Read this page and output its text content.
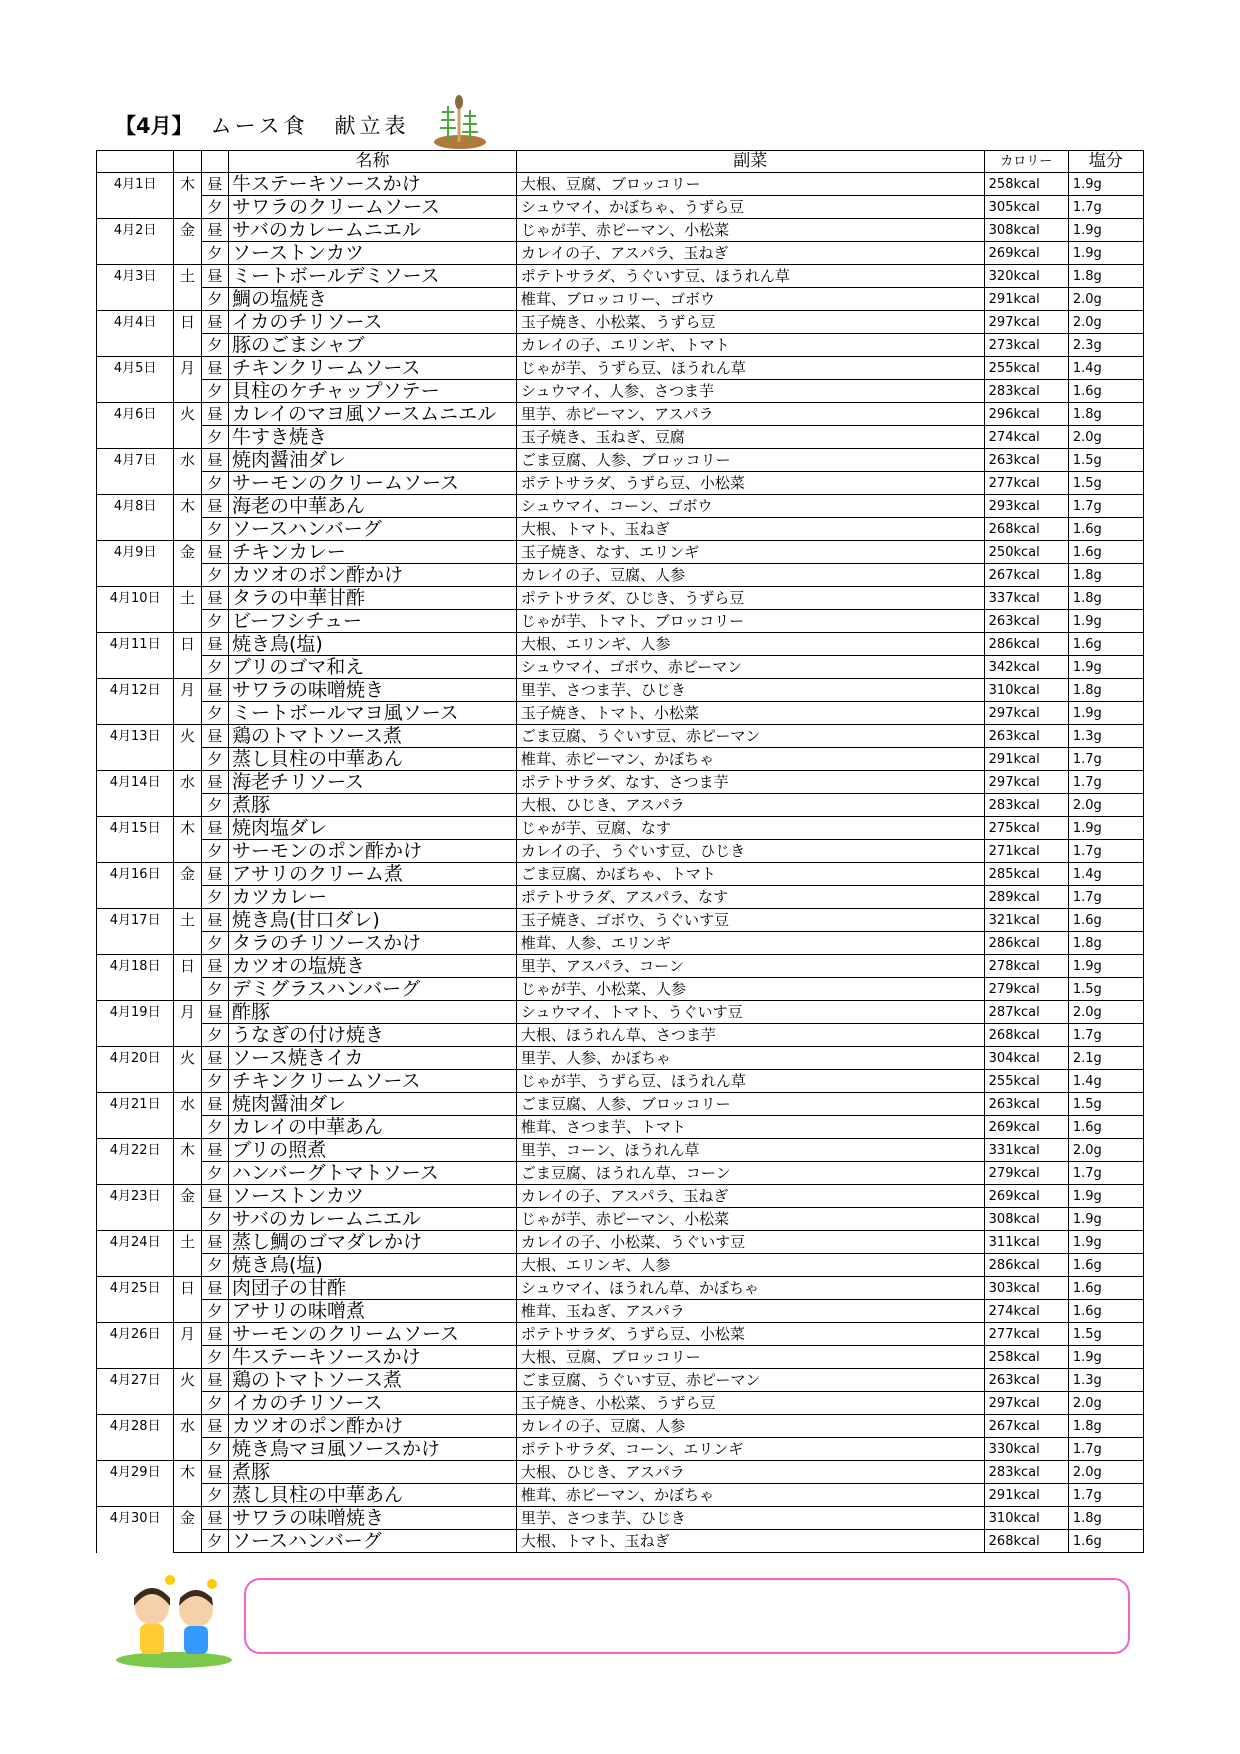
【4月】 ムース食 献立表
			名称	副菜	カロリー	塩分
4月1日	木	昼	牛ステーキソースかけ	大根、豆腐、ブロッコリー	258kcal	1.9g
		夕	サワラのクリームソース	シュウマイ、かぼちゃ、うずら豆	305kcal	1.7g
4月2日	金	昼	サバのカレームニエル	じゃが芋、赤ピーマン、小松菜	308kcal	1.9g
		夕	ソーストンカツ	カレイの子、アスパラ、玉ねぎ	269kcal	1.9g
4月3日	土	昼	ミートボールデミソース	ポテトサラダ、うぐいす豆、ほうれん草	320kcal	1.8g
		夕	鯛の塩焼き	椎茸、ブロッコリー、ゴボウ	291kcal	2.0g
4月4日	日	昼	イカのチリソース	玉子焼き、小松菜、うずら豆	297kcal	2.0g
		夕	豚のごまシャブ	カレイの子、エリンギ、トマト	273kcal	2.3g
4月5日	月	昼	チキンクリームソース	じゃが芋、うずら豆、ほうれん草	255kcal	1.4g
		夕	貝柱のケチャップソテー	シュウマイ、人参、さつま芋	283kcal	1.6g
4月6日	火	昼	カレイのマヨ風ソースムニエル	里芋、赤ピーマン、アスパラ	296kcal	1.8g
		夕	牛すき焼き	玉子焼き、玉ねぎ、豆腐	274kcal	2.0g
4月7日	水	昼	焼肉醤油ダレ	ごま豆腐、人参、ブロッコリー	263kcal	1.5g
		夕	サーモンのクリームソース	ポテトサラダ、うずら豆、小松菜	277kcal	1.5g
4月8日	木	昼	海老の中華あん	シュウマイ、コーン、ゴボウ	293kcal	1.7g
		夕	ソースハンバーグ	大根、トマト、玉ねぎ	268kcal	1.6g
4月9日	金	昼	チキンカレー	玉子焼き、なす、エリンギ	250kcal	1.6g
		夕	カツオのポン酢かけ	カレイの子、豆腐、人参	267kcal	1.8g
4月10日	土	昼	タラの中華甘酢	ポテトサラダ、ひじき、うずら豆	337kcal	1.8g
		夕	ビーフシチュー	じゃが芋、トマト、ブロッコリー	263kcal	1.9g
4月11日	日	昼	焼き鳥(塩)	大根、エリンギ、人参	286kcal	1.6g
		夕	ブリのゴマ和え	シュウマイ、ゴボウ、赤ピーマン	342kcal	1.9g
4月12日	月	昼	サワラの味噌焼き	里芋、さつま芋、ひじき	310kcal	1.8g
		夕	ミートボールマヨ風ソース	玉子焼き、トマト、小松菜	297kcal	1.9g
4月13日	火	昼	鶏のトマトソース煮	ごま豆腐、うぐいす豆、赤ピーマン	263kcal	1.3g
		夕	蒸し貝柱の中華あん	椎茸、赤ピーマン、かぼちゃ	291kcal	1.7g
4月14日	水	昼	海老チリソース	ポテトサラダ、なす、さつま芋	297kcal	1.7g
		夕	煮豚	大根、ひじき、アスパラ	283kcal	2.0g
4月15日	木	昼	焼肉塩ダレ	じゃが芋、豆腐、なす	275kcal	1.9g
		夕	サーモンのポン酢かけ	カレイの子、うぐいす豆、ひじき	271kcal	1.7g
4月16日	金	昼	アサリのクリーム煮	ごま豆腐、かぼちゃ、トマト	285kcal	1.4g
		夕	カツカレー	ポテトサラダ、アスパラ、なす	289kcal	1.7g
4月17日	土	昼	焼き鳥(甘口ダレ)	玉子焼き、ゴボウ、うぐいす豆	321kcal	1.6g
		夕	タラのチリソースかけ	椎茸、人参、エリンギ	286kcal	1.8g
4月18日	日	昼	カツオの塩焼き	里芋、アスパラ、コーン	278kcal	1.9g
		夕	デミグラスハンバーグ	じゃが芋、小松菜、人参	279kcal	1.5g
4月19日	月	昼	酢豚	シュウマイ、トマト、うぐいす豆	287kcal	2.0g
		夕	うなぎの付け焼き	大根、ほうれん草、さつま芋	268kcal	1.7g
4月20日	火	昼	ソース焼きイカ	里芋、人参、かぼちゃ	304kcal	2.1g
		夕	チキンクリームソース	じゃが芋、うずら豆、ほうれん草	255kcal	1.4g
4月21日	水	昼	焼肉醤油ダレ	ごま豆腐、人参、ブロッコリー	263kcal	1.5g
		夕	カレイの中華あん	椎茸、さつま芋、トマト	269kcal	1.6g
4月22日	木	昼	ブリの照煮	里芋、コーン、ほうれん草	331kcal	2.0g
		夕	ハンバーグトマトソース	ごま豆腐、ほうれん草、コーン	279kcal	1.7g
4月23日	金	昼	ソーストンカツ	カレイの子、アスパラ、玉ねぎ	269kcal	1.9g
		夕	サバのカレームニエル	じゃが芋、赤ピーマン、小松菜	308kcal	1.9g
4月24日	土	昼	蒸し鯛のゴマダレかけ	カレイの子、小松菜、うぐいす豆	311kcal	1.9g
		夕	焼き鳥(塩)	大根、エリンギ、人参	286kcal	1.6g
4月25日	日	昼	肉団子の甘酢	シュウマイ、ほうれん草、かぼちゃ	303kcal	1.6g
		夕	アサリの味噌煮	椎茸、玉ねぎ、アスパラ	274kcal	1.6g
4月26日	月	昼	サーモンのクリームソース	ポテトサラダ、うずら豆、小松菜	277kcal	1.5g
		夕	牛ステーキソースかけ	大根、豆腐、ブロッコリー	258kcal	1.9g
4月27日	火	昼	鶏のトマトソース煮	ごま豆腐、うぐいす豆、赤ピーマン	263kcal	1.3g
		夕	イカのチリソース	玉子焼き、小松菜、うずら豆	297kcal	2.0g
4月28日	水	昼	カツオのポン酢かけ	カレイの子、豆腐、人参	267kcal	1.8g
		夕	焼き鳥マヨ風ソースかけ	ポテトサラダ、コーン、エリンギ	330kcal	1.7g
4月29日	木	昼	煮豚	大根、ひじき、アスパラ	283kcal	2.0g
		夕	蒸し貝柱の中華あん	椎茸、赤ピーマン、かぼちゃ	291kcal	1.7g
4月30日	金	昼	サワラの味噌焼き	里芋、さつま芋、ひじき	310kcal	1.8g
		夕	ソースハンバーグ	大根、トマト、玉ねぎ	268kcal	1.6g
